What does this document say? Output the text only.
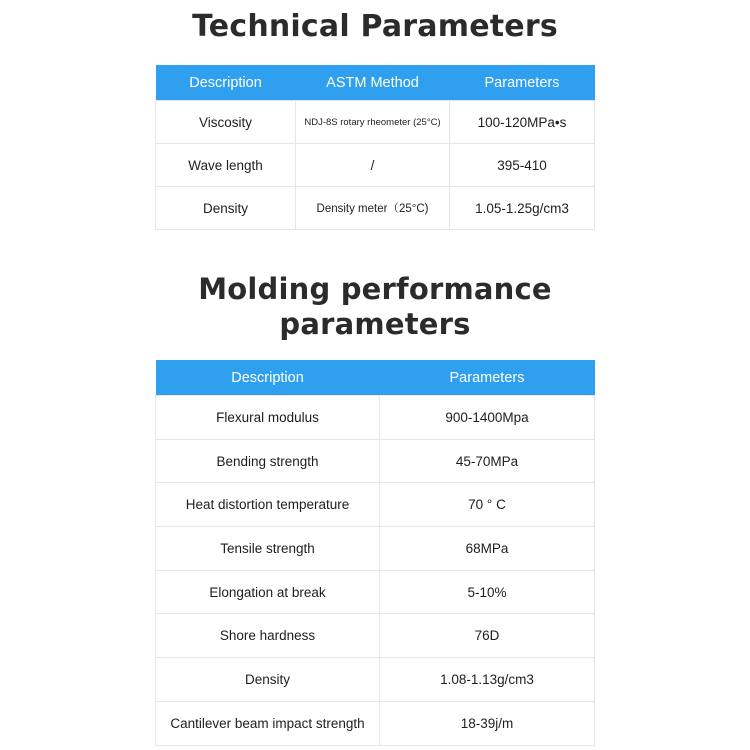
Technical Parameters
Description	ASTM Method	Parameters
Viscosity	NDJ-8S rotary rheometer (25°C)	100-120MPa•s
Wave length	/	395-410
Density	Density meter（25°C)	1.05-1.25g/cm3
Molding performance
parameters
Description	Parameters
Flexural modulus	900-1400Mpa
Bending strength	45-70MPa
Heat distortion temperature	70 ° C
Tensile strength	68MPa
Elongation at break	5-10%
Shore hardness	76D
Density	1.08-1.13g/cm3
Cantilever beam impact strength	18-39j/m
